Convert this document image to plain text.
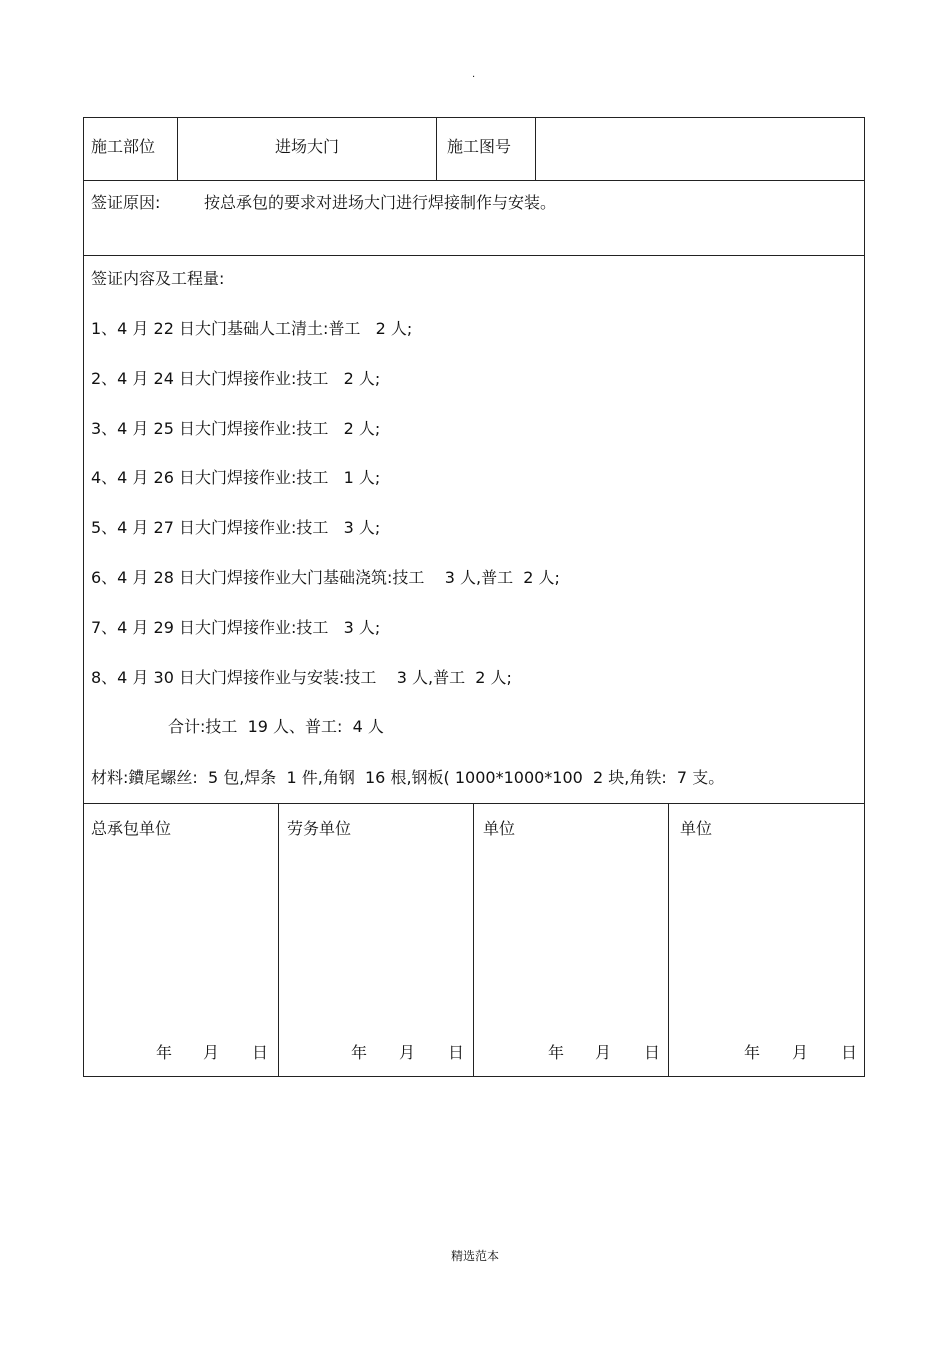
.
施工部位	进场大门	施工图号
签证原因:	按总承包的要求对进场大门进行焊接制作与安装。
签证内容及工程量:
1、4 月 22 日大门基础人工清土:普工   2 人;
2、4 月 24 日大门焊接作业:技工   2 人;
3、4 月 25 日大门焊接作业:技工   2 人;
4、4 月 26 日大门焊接作业:技工   1 人;
5、4 月 27 日大门焊接作业:技工   3 人;
6、4 月 28 日大门焊接作业大门基础浇筑:技工    3 人,普工  2 人;
7、4 月 29 日大门焊接作业:技工   3 人;
8、4 月 30 日大门焊接作业与安装:技工    3 人,普工  2 人;
合计:技工  19 人、普工:  4 人
材料:鐨尾螺丝:  5 包,焊条  1 件,角钢  16 根,钢板( 1000*1000*100  2 块,角铁:  7 支。
总承包单位
年 月 日
劳务单位
年 月 日
单位
年 月 日
单位
年 月 日
精选范本
